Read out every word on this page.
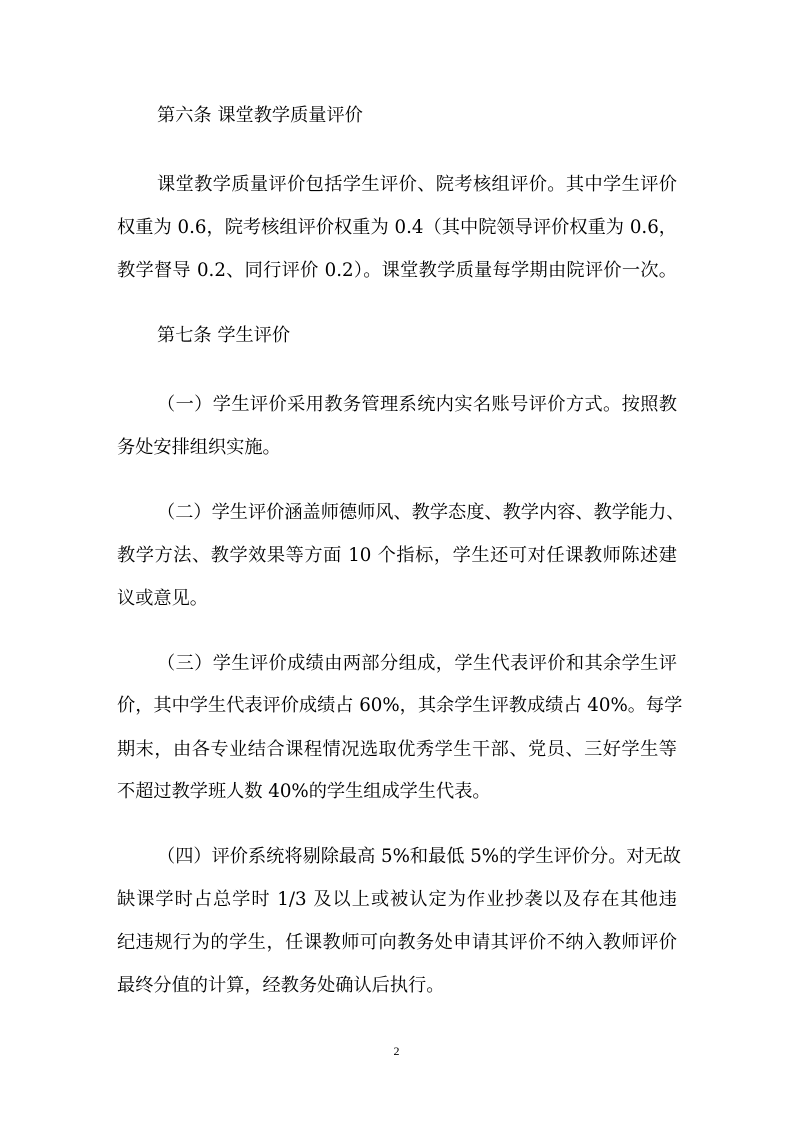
第六条 课堂教学质量评价
课堂教学质量评价包括学生评价、院考核组评价。其中学生评价
权重为 0.6，院考核组评价权重为 0.4（其中院领导评价权重为 0.6，
教学督导 0.2、同行评价 0.2）。课堂教学质量每学期由院评价一次。
第七条 学生评价
（一）学生评价采用教务管理系统内实名账号评价方式。按照教
务处安排组织实施。
（二）学生评价涵盖师德师风、教学态度、教学内容、教学能力、
教学方法、教学效果等方面 10 个指标，学生还可对任课教师陈述建
议或意见。
（三）学生评价成绩由两部分组成，学生代表评价和其余学生评
价，其中学生代表评价成绩占 60%，其余学生评教成绩占 40%。每学
期末，由各专业结合课程情况选取优秀学生干部、党员、三好学生等
不超过教学班人数 40%的学生组成学生代表。
（四）评价系统将剔除最高 5%和最低 5%的学生评价分。对无故
缺课学时占总学时 1/3 及以上或被认定为作业抄袭以及存在其他违
纪违规行为的学生，任课教师可向教务处申请其评价不纳入教师评价
最终分值的计算，经教务处确认后执行。
2
